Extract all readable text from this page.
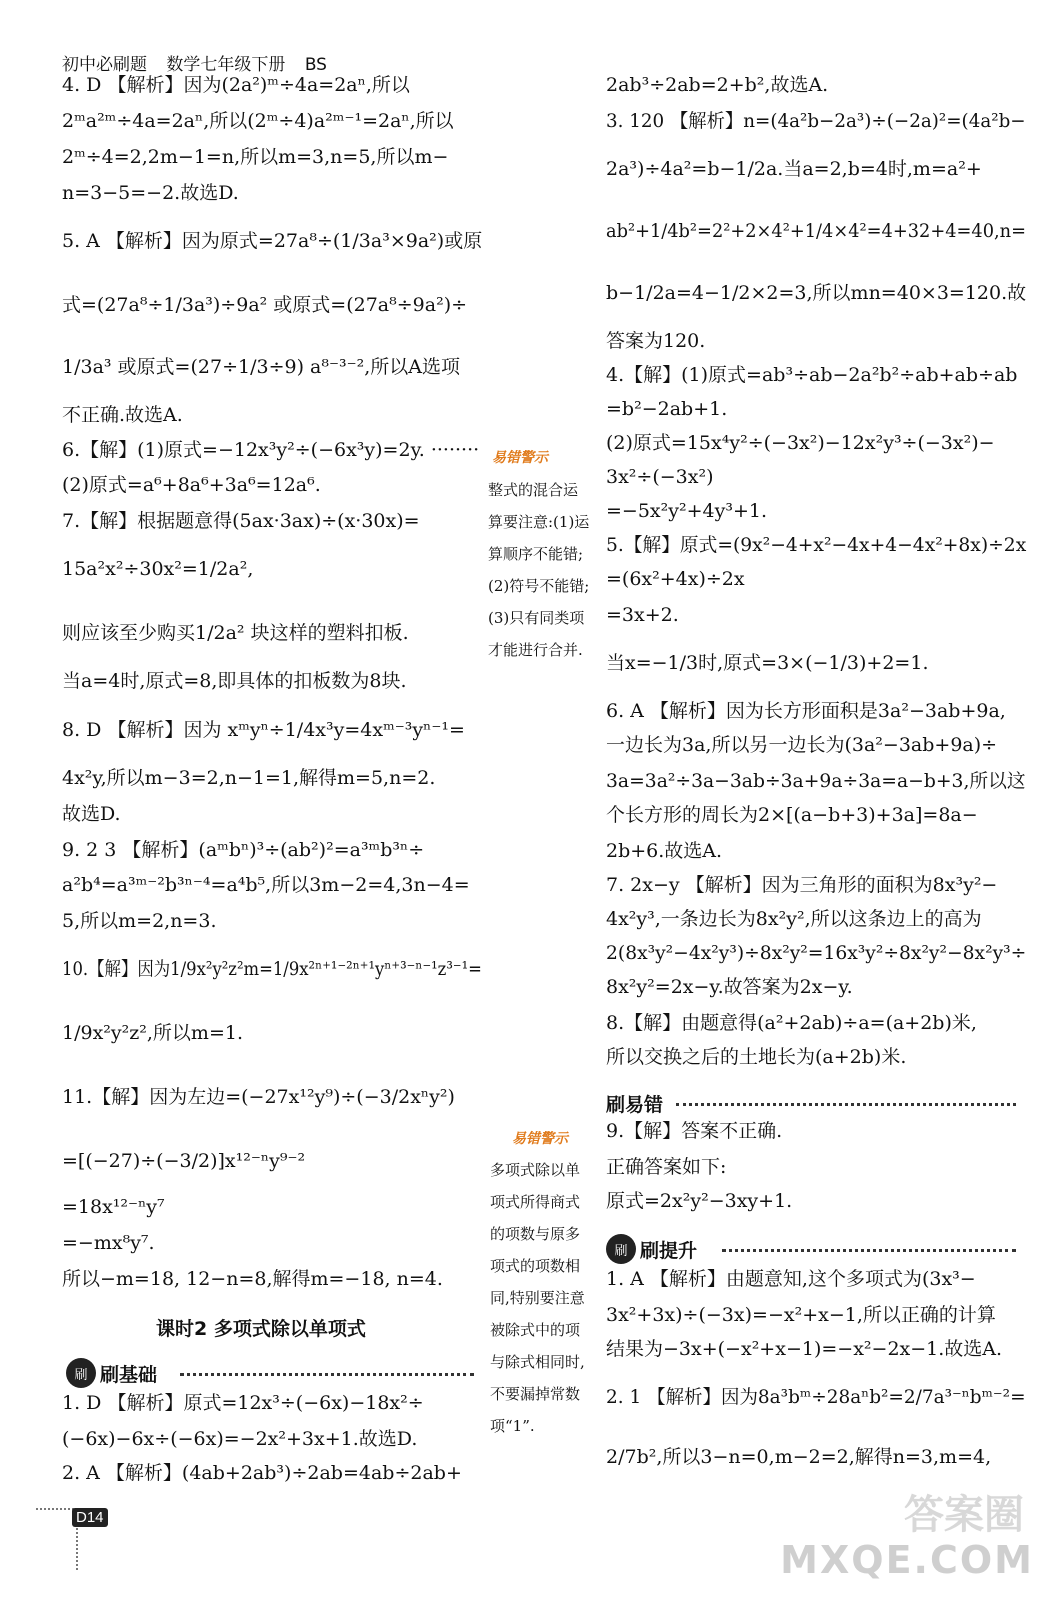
初中必刷题 数学七年级下册 BS
4. D 【解析】因为(2a²)ᵐ÷4a=2aⁿ,所以
2ᵐa²ᵐ÷4a=2aⁿ,所以(2ᵐ÷4)a²ᵐ⁻¹=2aⁿ,所以
2ᵐ÷4=2,2m−1=n,所以m=3,n=5,所以m−
n=3−5=−2.故选D.
5. A 【解析】因为原式=27a⁸÷(1/3a³×9a²)或原
式=(27a⁸÷1/3a³)÷9a² 或原式=(27a⁸÷9a²)÷
1/3a³ 或原式=(27÷1/3÷9) a⁸⁻³⁻²,所以A选项
不正确.故选A.
6.【解】(1)原式=−12x³y²÷(−6x³y)=2y. ········
(2)原式=a⁶+8a⁶+3a⁶=12a⁶.
7.【解】根据题意得(5ax·3ax)÷(x·30x)=
15a²x²÷30x²=1/2a²,
则应该至少购买1/2a² 块这样的塑料扣板.
当a=4时,原式=8,即具体的扣板数为8块.
8. D 【解析】因为 xᵐyⁿ÷1/4x³y=4xᵐ⁻³yⁿ⁻¹=
4x²y,所以m−3=2,n−1=1,解得m=5,n=2.
故选D.
9. 2 3 【解析】(aᵐbⁿ)³÷(ab²)²=a³ᵐb³ⁿ÷
a²b⁴=a³ᵐ⁻²b³ⁿ⁻⁴=a⁴b⁵,所以3m−2=4,3n−4=
5,所以m=2,n=3.
10.【解】因为1/9x²y²z²m=1/9x²ⁿ⁺¹⁻²ⁿ⁺¹yⁿ⁺³⁻ⁿ⁻¹z³⁻¹=
1/9x²y²z²,所以m=1.
11.【解】因为左边=(−27x¹²y⁹)÷(−3/2xⁿy²)
=[(−27)÷(−3/2)]x¹²⁻ⁿy⁹⁻²
=18x¹²⁻ⁿy⁷
=−mx⁸y⁷.
所以−m=18, 12−n=8,解得m=−18, n=4.
1. D 【解析】原式=12x³÷(−6x)−18x²÷
(−6x)−6x÷(−6x)=−2x²+3x+1.故选D.
2. A 【解析】(4ab+2ab³)÷2ab=4ab÷2ab+
2ab³÷2ab=2+b²,故选A.
3. 120 【解析】n=(4a²b−2a³)÷(−2a)²=(4a²b−
2a³)÷4a²=b−1/2a.当a=2,b=4时,m=a²+
ab²+1/4b²=2²+2×4²+1/4×4²=4+32+4=40,n=
b−1/2a=4−1/2×2=3,所以mn=40×3=120.故
答案为120.
4.【解】(1)原式=ab³÷ab−2a²b²÷ab+ab÷ab
=b²−2ab+1.
(2)原式=15x⁴y²÷(−3x²)−12x²y³÷(−3x²)−
3x²÷(−3x²)
=−5x²y²+4y³+1.
5.【解】原式=(9x²−4+x²−4x+4−4x²+8x)÷2x
=(6x²+4x)÷2x
=3x+2.
当x=−1/3时,原式=3×(−1/3)+2=1.
6. A 【解析】因为长方形面积是3a²−3ab+9a,
一边长为3a,所以另一边长为(3a²−3ab+9a)÷
3a=3a²÷3a−3ab÷3a+9a÷3a=a−b+3,所以这
个长方形的周长为2×[(a−b+3)+3a]=8a−
2b+6.故选A.
7. 2x−y 【解析】因为三角形的面积为8x³y²−
4x²y³,一条边长为8x²y²,所以这条边上的高为
2(8x³y²−4x²y³)÷8x²y²=16x³y²÷8x²y²−8x²y³÷
8x²y²=2x−y.故答案为2x−y.
8.【解】由题意得(a²+2ab)÷a=(a+2b)米,
所以交换之后的土地长为(a+2b)米.
9.【解】答案不正确.
正确答案如下:
原式=2x²y²−3xy+1.
1. A 【解析】由题意知,这个多项式为(3x³−
3x²+3x)÷(−3x)=−x²+x−1,所以正确的计算
结果为−3x+(−x²+x−1)=−x²−2x−1.故选A.
2. 1 【解析】因为8a³bᵐ÷28aⁿb²=2/7a³⁻ⁿbᵐ⁻²=
2/7b²,所以3−n=0,m−2=2,解得n=3,m=4,
易错警示
整式的混合运算要注意:(1)运算顺序不能错;(2)符号不能错;(3)只有同类项才能进行合并.
易错警示
多项式除以单项式所得商式的项数与原多项式的项数相同,特别要注意被除式中的项与除式相同时,不要漏掉常数项“1”.
课时2 多项式除以单项式
刷 刷基础
刷易错
刷 刷提升
D14	答案圈
MXQE.COM
